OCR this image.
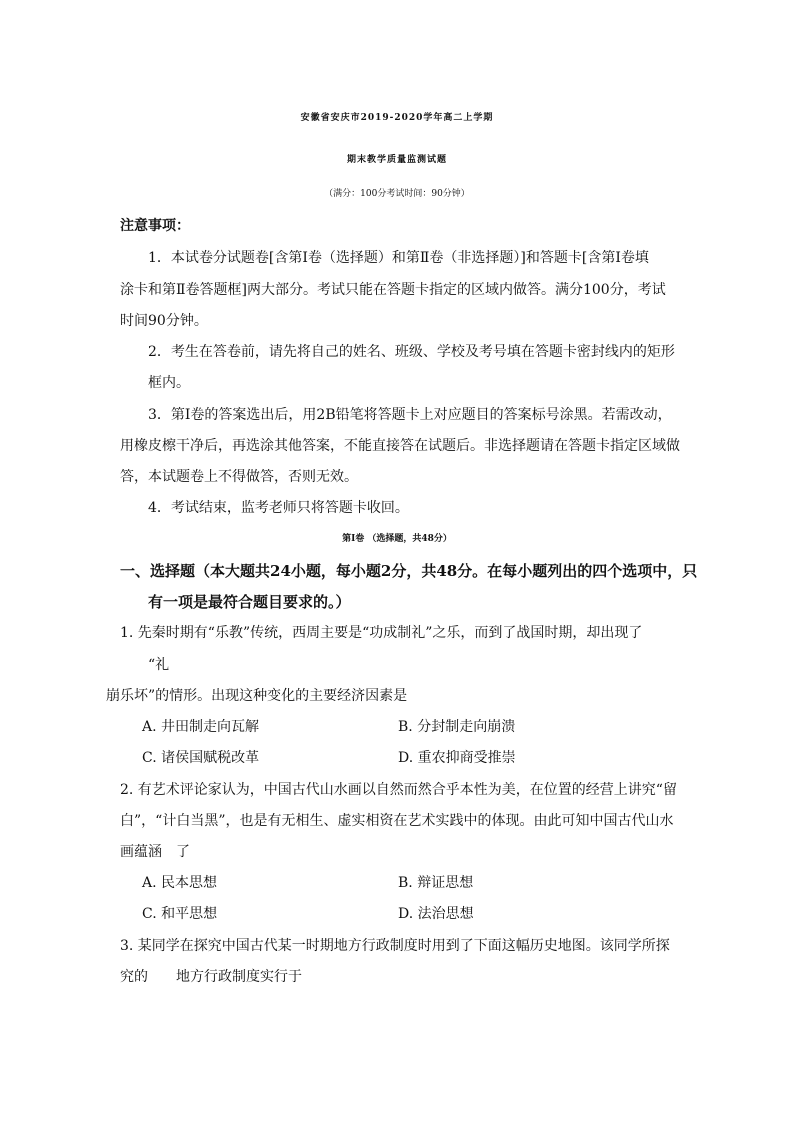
安徽省安庆市2019-2020学年高二上学期
期末教学质量监测试题
（满分：100分考试时间：90分钟）
注意事项：
1．本试卷分试题卷[含第Ⅰ卷（选择题）和第Ⅱ卷（非选择题）]和答题卡[含第Ⅰ卷填
涂卡和第Ⅱ卷答题框]两大部分。考试只能在答题卡指定的区域内做答。满分100分，考试
时间90分钟。
2．考生在答卷前，请先将自己的姓名、班级、学校及考号填在答题卡密封线内的矩形
框内。
3．第Ⅰ卷的答案选出后，用2B铅笔将答题卡上对应题目的答案标号涂黑。若需改动，
用橡皮檫干净后，再选涂其他答案，不能直接答在试题后。非选择题请在答题卡指定区域做
答，本试题卷上不得做答，否则无效。
4．考试结束，监考老师只将答题卡收回。
第Ⅰ卷 （选择题，共48分）
一、选择题（本大题共24小题，每小题2分，共48分。在每小题列出的四个选项中，只
有一项是最符合题目要求的。）
1. 先秦时期有“乐教”传统，西周主要是“功成制礼”之乐，而到了战国时期，却出现了
“礼
崩乐坏”的情形。出现这种变化的主要经济因素是
A. 井田制走向瓦解	B. 分封制走向崩溃
C. 诸侯国赋税改革	D. 重农抑商受推崇
2. 有艺术评论家认为，中国古代山水画以自然而然合乎本性为美，在位置的经营上讲究“留
白”，“计白当黑”，也是有无相生、虚实相资在艺术实践中的体现。由此可知中国古代山水
画蕴涵　了
A. 民本思想	B. 辩证思想
C. 和平思想	D. 法治思想
3. 某同学在探究中国古代某一时期地方行政制度时用到了下面这幅历史地图。该同学所探
究的　　地方行政制度实行于
